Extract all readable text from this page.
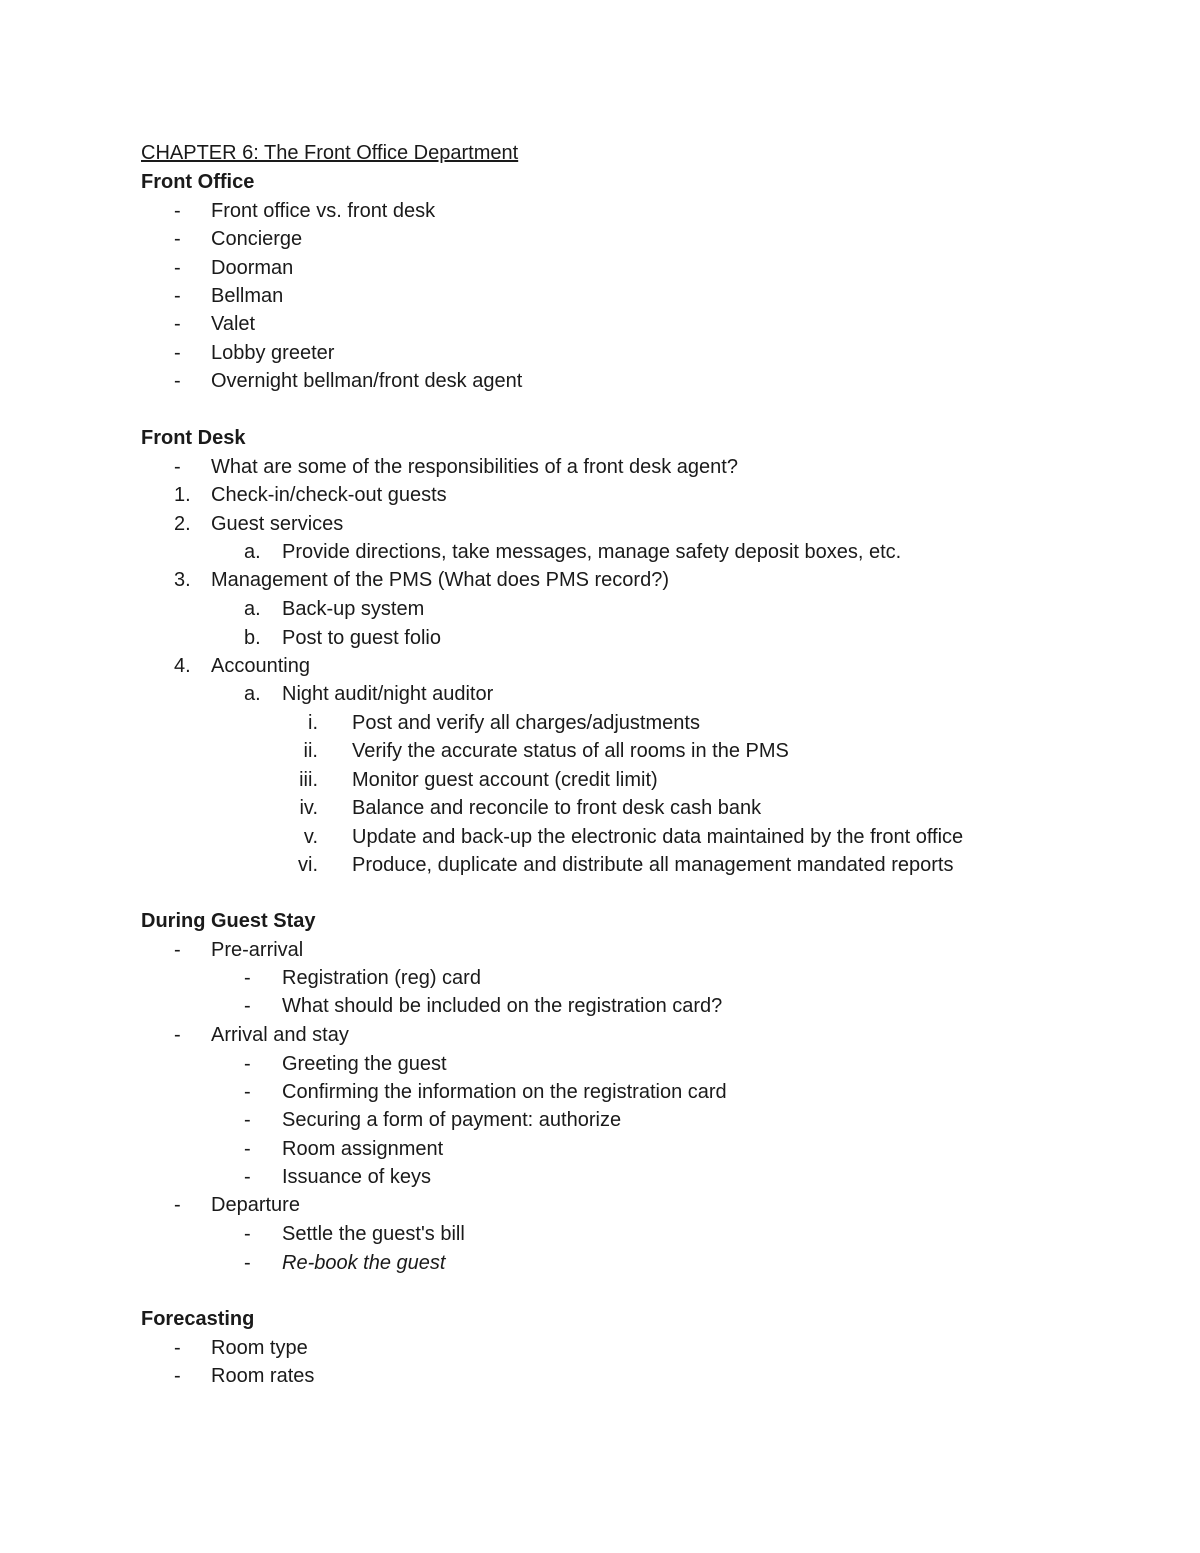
CHAPTER 6: The Front Office Department
Front Office
-	Front office vs. front desk
-	Concierge
-	Doorman
-	Bellman
-	Valet
-	Lobby greeter
-	Overnight bellman/front desk agent
Front Desk
-	What are some of the responsibilities of a front desk agent?
1.	Check-in/check-out guests
2.	Guest services
a.	Provide directions, take messages, manage safety deposit boxes, etc.
3.	Management of the PMS (What does PMS record?)
a.	Back-up system
b.	Post to guest folio
4.	Accounting
a.	Night audit/night auditor
i. Post and verify all charges/adjustments
ii. Verify the accurate status of all rooms in the PMS
iii. Monitor guest account (credit limit)
iv. Balance and reconcile to front desk cash bank
v. Update and back-up the electronic data maintained by the front office
vi. Produce, duplicate and distribute all management mandated reports
During Guest Stay
-	Pre-arrival
-	Registration (reg) card
-	What should be included on the registration card?
-	Arrival and stay
-	Greeting the guest
-	Confirming the information on the registration card
-	Securing a form of payment: authorize
-	Room assignment
-	Issuance of keys
-	Departure
-	Settle the guest's bill
-	Re-book the guest
Forecasting
-	Room type
-	Room rates
